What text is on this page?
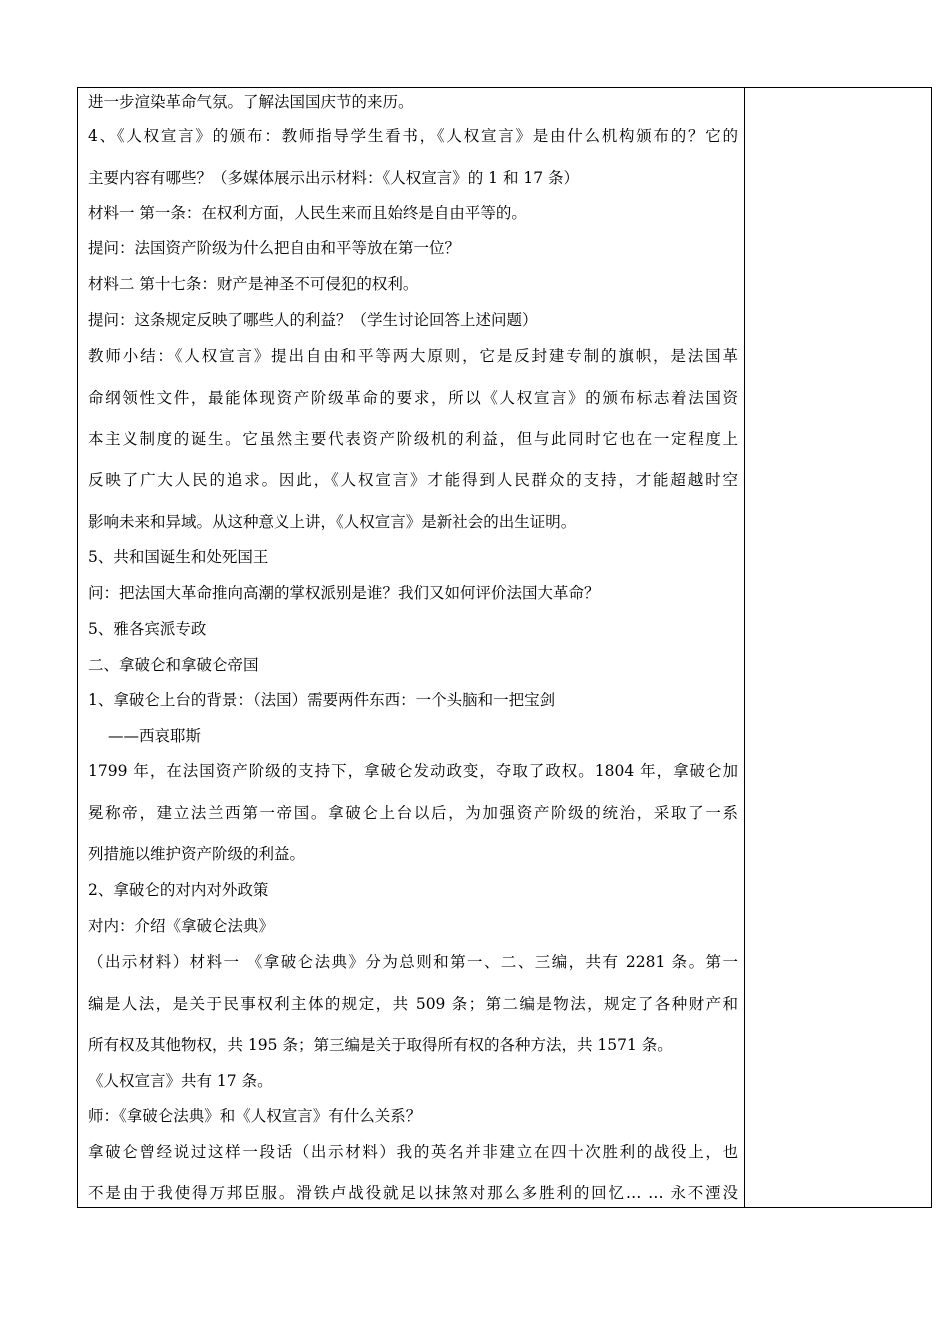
进一步渲染革命气氛。了解法国国庆节的来历。
4、《人权宣言》的颁布：教师指导学生看书，《人权宣言》是由什么机构颁布的？它的
主要内容有哪些？（多媒体展示出示材料：《人权宣言》的 1 和 17 条）
材料一 第一条：在权利方面，人民生来而且始终是自由平等的。
提问：法国资产阶级为什么把自由和平等放在第一位？
材料二 第十七条：财产是神圣不可侵犯的权利。
提问：这条规定反映了哪些人的利益？（学生讨论回答上述问题）
教师小结：《人权宣言》提出自由和平等两大原则，它是反封建专制的旗帜，是法国革
命纲领性文件，最能体现资产阶级革命的要求，所以《人权宣言》的颁布标志着法国资
本主义制度的诞生。它虽然主要代表资产阶级机的利益，但与此同时它也在一定程度上
反映了广大人民的追求。因此，《人权宣言》才能得到人民群众的支持，才能超越时空
影响未来和异域。从这种意义上讲，《人权宣言》是新社会的出生证明。
5、共和国诞生和处死国王
问：把法国大革命推向高潮的掌权派别是谁？我们又如何评价法国大革命？
5、雅各宾派专政
二、拿破仑和拿破仑帝国
1、拿破仑上台的背景：（法国）需要两件东西：一个头脑和一把宝剑
——西哀耶斯
1799 年，在法国资产阶级的支持下，拿破仑发动政变，夺取了政权。1804 年，拿破仑加
冕称帝，建立法兰西第一帝国。拿破仑上台以后，为加强资产阶级的统治，采取了一系
列措施以维护资产阶级的利益。
2、拿破仑的对内对外政策
对内：介绍《拿破仑法典》
（出示材料）材料一 《拿破仑法典》分为总则和第一、二、三编，共有 2281 条。第一
编是人法，是关于民事权利主体的规定，共 509 条；第二编是物法，规定了各种财产和
所有权及其他物权，共 195 条；第三编是关于取得所有权的各种方法，共 1571 条。
《人权宣言》共有 17 条。
师：《拿破仑法典》和《人权宣言》有什么关系？
拿破仑曾经说过这样一段话（出示材料）我的英名并非建立在四十次胜利的战役上，也
不是由于我使得万邦臣服。滑铁卢战役就足以抹煞对那么多胜利的回忆… … 永不湮没
